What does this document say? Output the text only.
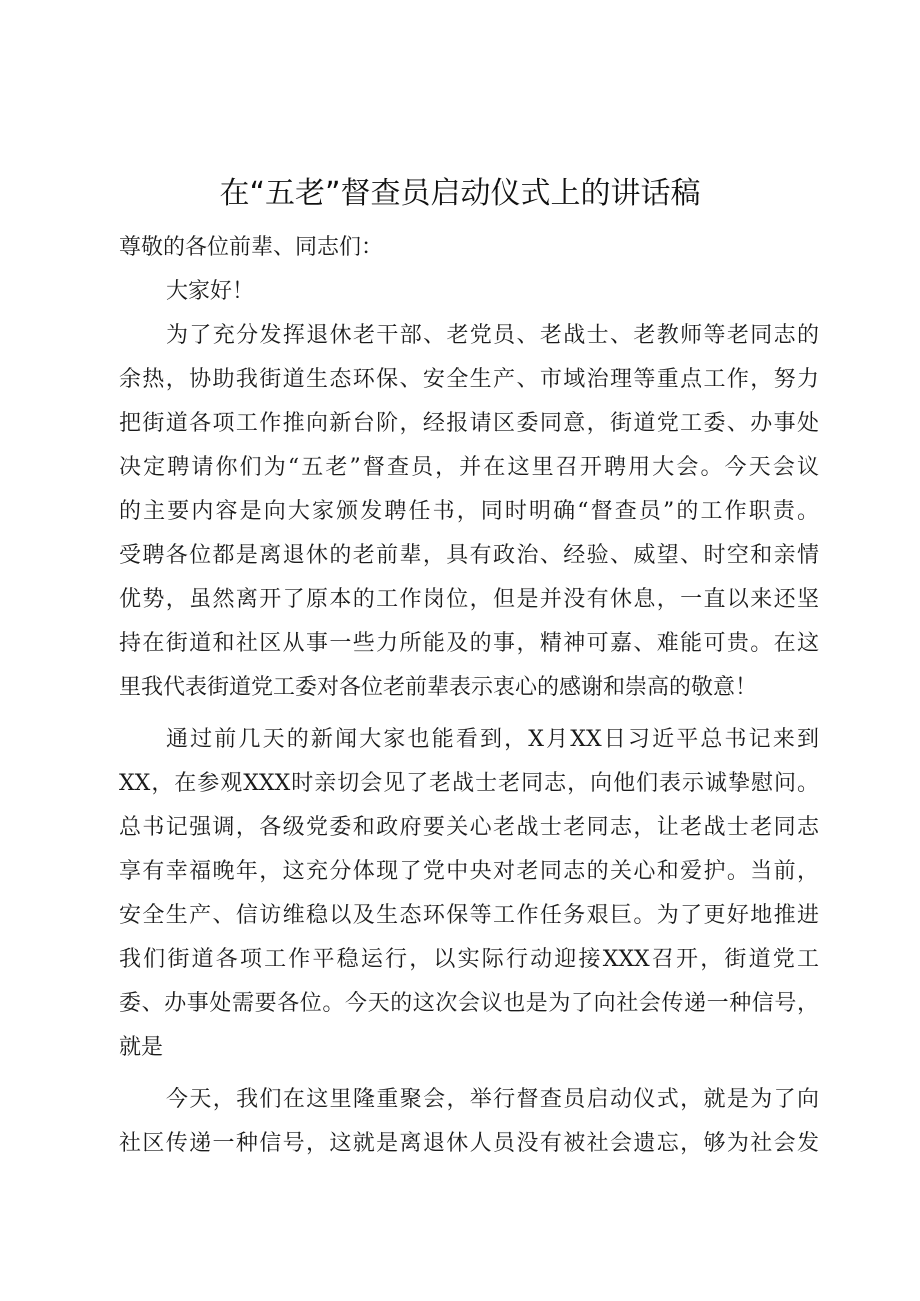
在“五老”督查员启动仪式上的讲话稿
尊敬的各位前辈、同志们：
大家好！
为了充分发挥退休老干部、老党员、老战士、老教师等老同志的
余热，协助我街道生态环保、安全生产、市域治理等重点工作，努力
把街道各项工作推向新台阶，经报请区委同意，街道党工委、办事处
决定聘请你们为“五老”督查员，并在这里召开聘用大会。今天会议
的主要内容是向大家颁发聘任书，同时明确“督查员”的工作职责。
受聘各位都是离退休的老前辈，具有政治、经验、威望、时空和亲情
优势，虽然离开了原本的工作岗位，但是并没有休息，一直以来还坚
持在街道和社区从事一些力所能及的事，精神可嘉、难能可贵。在这
里我代表街道党工委对各位老前辈表示衷心的感谢和崇高的敬意！
通过前几天的新闻大家也能看到，X月XX日习近平总书记来到
XX，在参观XXX时亲切会见了老战士老同志，向他们表示诚挚慰问。
总书记强调，各级党委和政府要关心老战士老同志，让老战士老同志
享有幸福晚年，这充分体现了党中央对老同志的关心和爱护。当前，
安全生产、信访维稳以及生态环保等工作任务艰巨。为了更好地推进
我们街道各项工作平稳运行，以实际行动迎接XXX召开，街道党工
委、办事处需要各位。今天的这次会议也是为了向社会传递一种信号，
就是
今天，我们在这里隆重聚会，举行督查员启动仪式，就是为了向
社区传递一种信号，这就是离退休人员没有被社会遗忘，够为社会发
